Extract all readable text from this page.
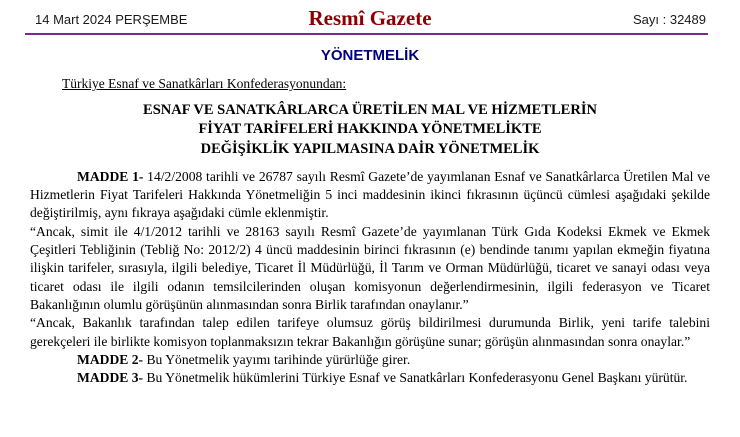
14 Mart 2024 PERŞEMBE	Resmî Gazete	Sayı : 32489
YÖNETMELİK
Türkiye Esnaf ve Sanatkârları Konfederasyonundan:
ESNAF VE SANATKÂRLARCA ÜRETİLEN MAL VE HİZMETLERİN
FİYAT TARİFELERİ HAKKINDA YÖNETMELİKTE
DEĞİŞİKLİK YAPILMASINA DAİR YÖNETMELİK
MADDE 1- 14/2/2008 tarihli ve 26787 sayılı Resmî Gazete’de yayımlanan Esnaf ve Sanatkârlarca Üretilen Mal ve Hizmetlerin Fiyat Tarifeleri Hakkında Yönetmeliğin 5 inci maddesinin ikinci fıkrasının üçüncü cümlesi aşağıdaki şekilde değiştirilmiş, aynı fıkraya aşağıdaki cümle eklenmiştir.
“Ancak, simit ile 4/1/2012 tarihli ve 28163 sayılı Resmî Gazete’de yayımlanan Türk Gıda Kodeksi Ekmek ve Ekmek Çeşitleri Tebliğinin (Tebliğ No: 2012/2) 4 üncü maddesinin birinci fıkrasının (e) bendinde tanımı yapılan ekmeğin fiyatına ilişkin tarifeler, sırasıyla, ilgili belediye, Ticaret İl Müdürlüğü, İl Tarım ve Orman Müdürlüğü, ticaret ve sanayi odası veya ticaret odası ile ilgili odanın temsilcilerinden oluşan komisyonun değerlendirmesinin, ilgili federasyon ve Ticaret Bakanlığının olumlu görüşünün alınmasından sonra Birlik tarafından onaylanır.”
“Ancak, Bakanlık tarafından talep edilen tarifeye olumsuz görüş bildirilmesi durumunda Birlik, yeni tarife talebini gerekçeleri ile birlikte komisyon toplanmaksızın tekrar Bakanlığın görüşüne sunar; görüşün alınmasından sonra onaylar.”
MADDE 2- Bu Yönetmelik yayımı tarihinde yürürlüğe girer.
MADDE 3- Bu Yönetmelik hükümlerini Türkiye Esnaf ve Sanatkârları Konfederasyonu Genel Başkanı yürütür.
